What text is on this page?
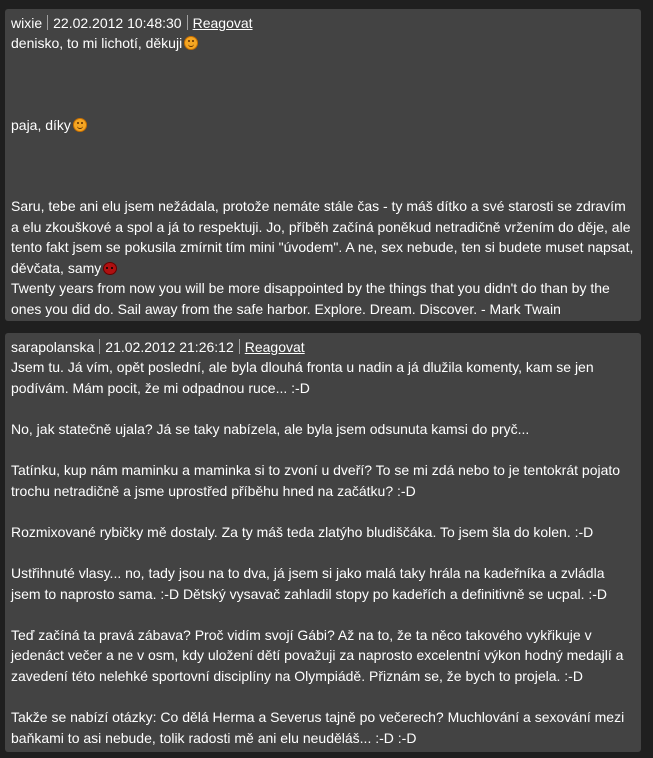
wixie 22.02.2012 10:48:30 Reagovat

denisko, to mi lichotí, děkuji

paja, díky

Saru, tebe ani elu jsem nežádala, protože nemáte stále čas - ty máš dítko a své starosti se zdravím a elu zkouškové a spol a já to respektuji. Jo, příběh začíná poněkud netradičně vržením do děje, ale tento fakt jsem se pokusila zmírnit tím mini "úvodem". A ne, sex nebude, ten si budete muset napsat, děvčata, samy

Twenty years from now you will be more disappointed by the things that you didn't do than by the ones you did do. Sail away from the safe harbor. Explore. Dream. Discover. - Mark Twain

sarapolanska 21.02.2012 21:26:12 Reagovat

Jsem tu. Já vím, opět poslední, ale byla dlouhá fronta u nadin a já dlužila komenty, kam se jen podívám. Mám pocit, že mi odpadnou ruce... :-D

No, jak statečně ujala? Já se taky nabízela, ale byla jsem odsunuta kamsi do pryč...

Tatínku, kup nám maminku a maminka si to zvoní u dveří? To se mi zdá nebo to je tentokrát pojato trochu netradičně a jsme uprostřed příběhu hned na začátku? :-D

Rozmixované rybičky mě dostaly. Za ty máš teda zlatýho bludiščáka. To jsem šla do kolen. :-D

Ustřihnuté vlasy... no, tady jsou na to dva, já jsem si jako malá taky hrála na kadeřníka a zvládla jsem to naprosto sama. :-D Dětský vysavač zahladil stopy po kadeřích a definitivně se ucpal. :-D

Teď začíná ta pravá zábava? Proč vidím svojí Gábi? Až na to, že ta něco takového vykřikuje v jedenáct večer a ne v osm, kdy uložení dětí považuji za naprosto excelentní výkon hodný medajlí a zavedení této nelehké sportovní disciplíny na Olympiádě. Přiznám se, že bych to projela. :-D

Takže se nabízí otázky: Co dělá Herma a Severus tajně po večerech? Muchlování a sexování mezi baňkami to asi nebude, tolik radosti mě ani elu neuděláš... :-D :-D
